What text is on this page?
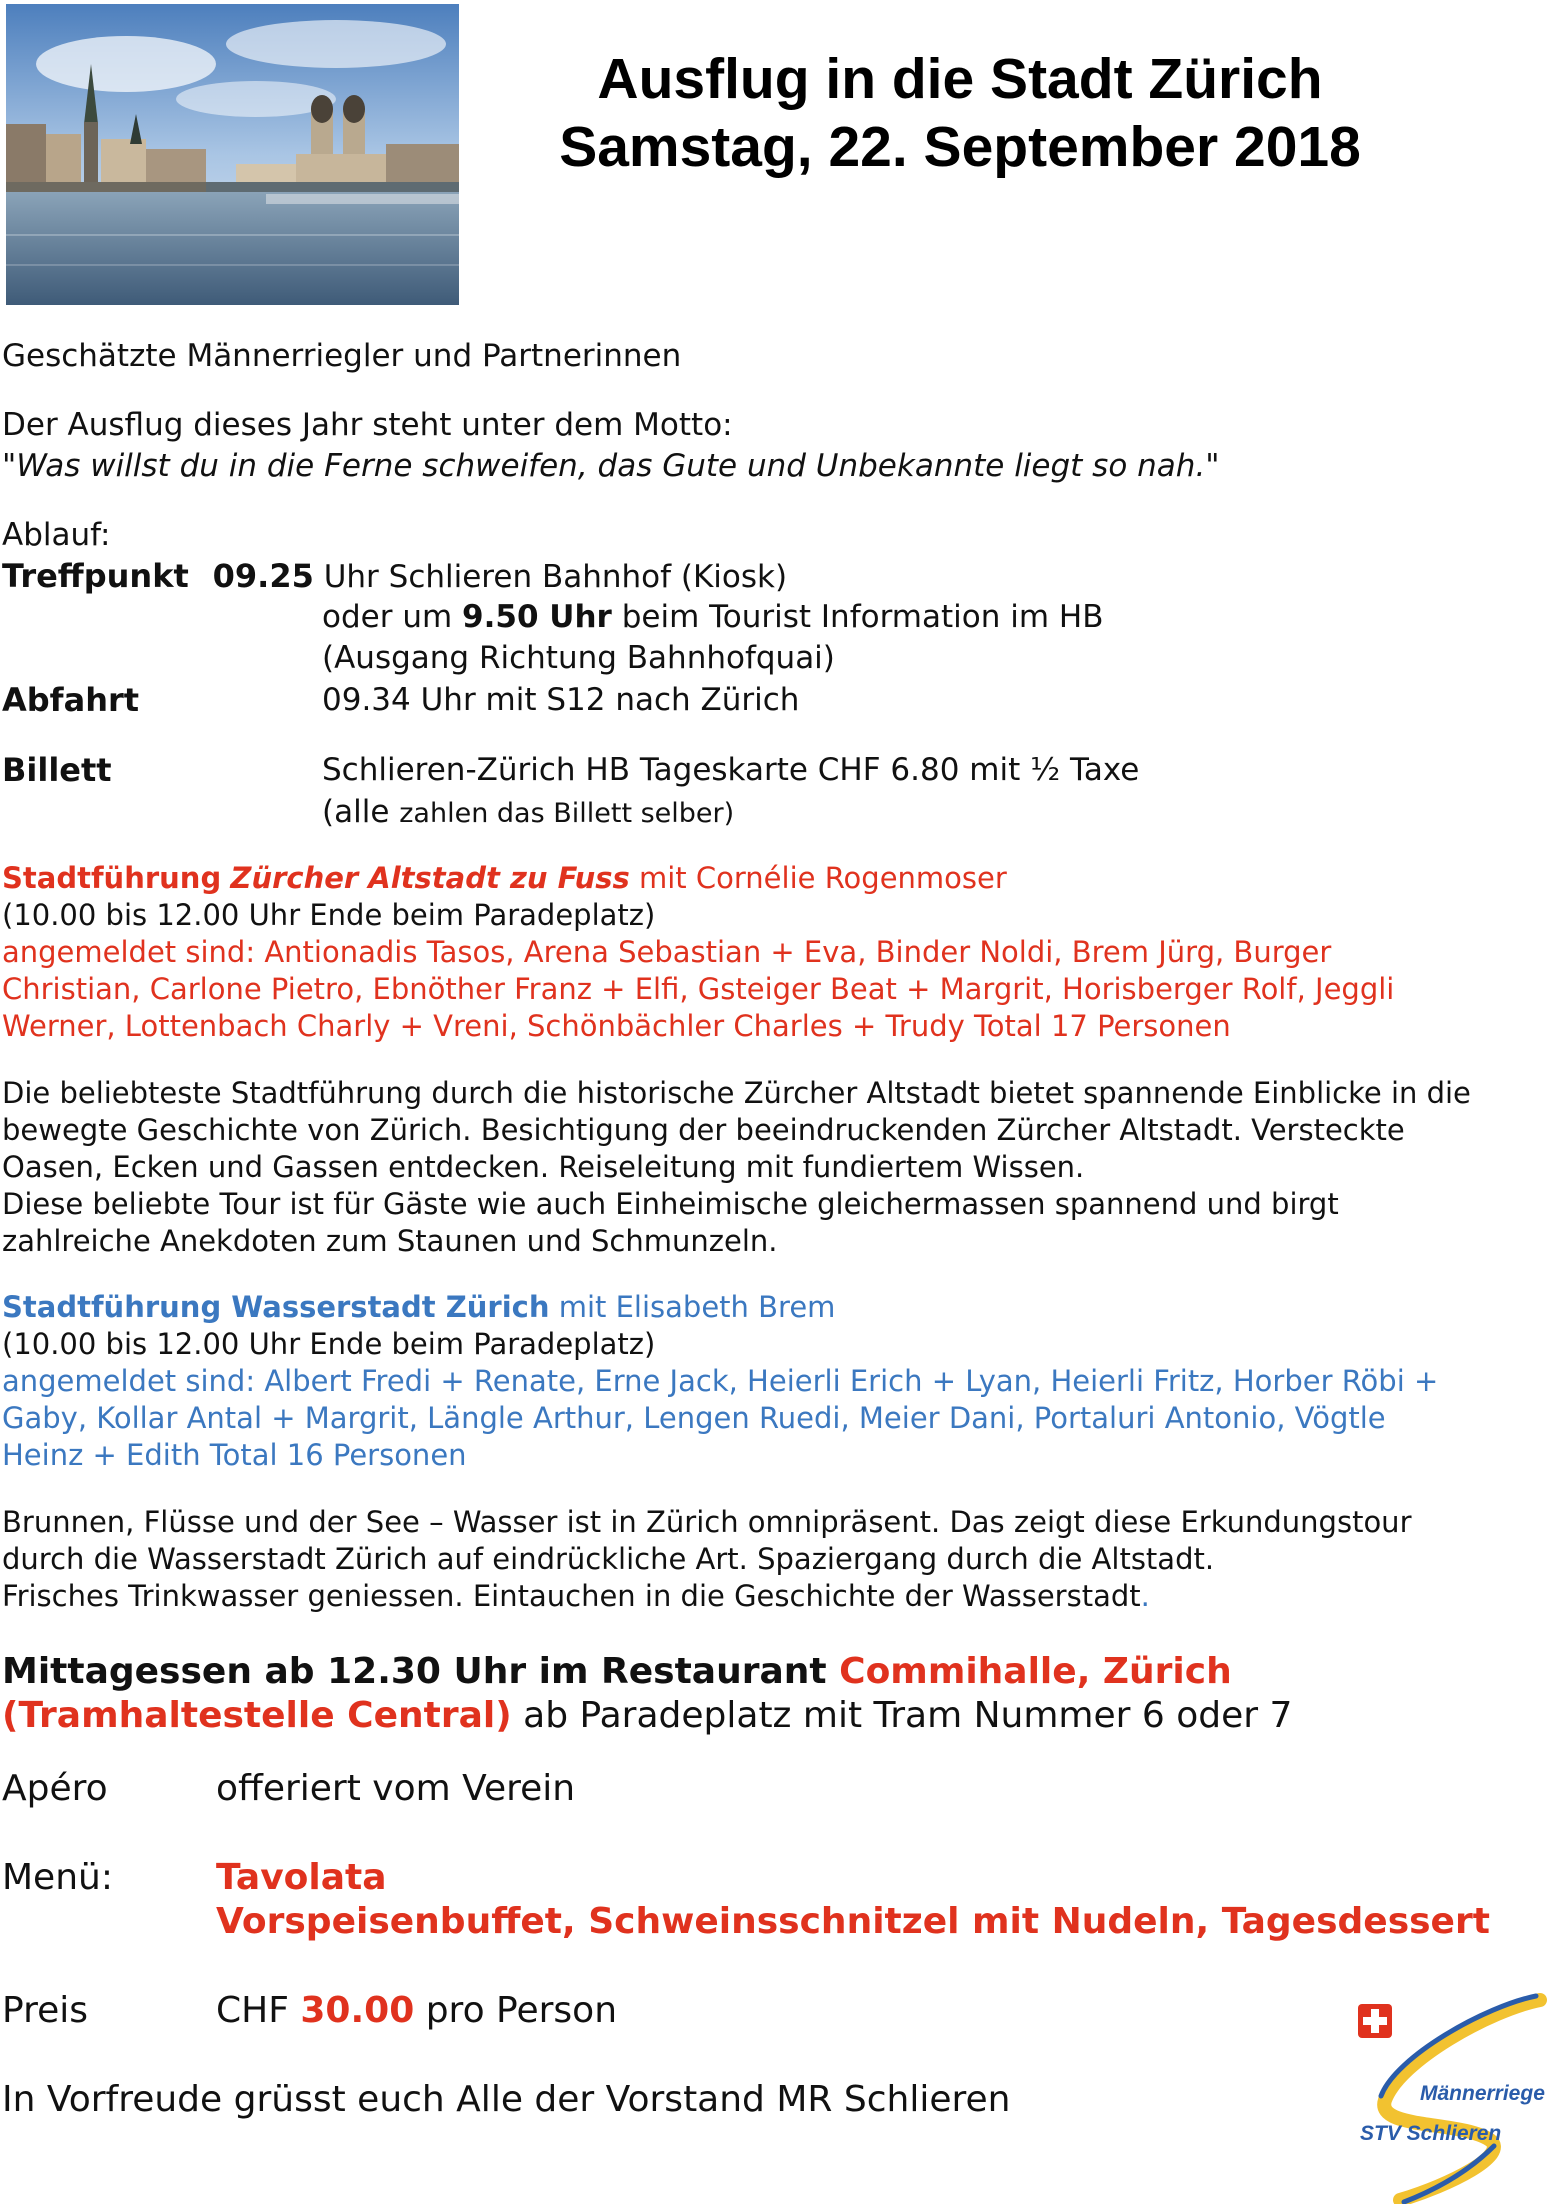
Ausflug in die Stadt Zürich
Samstag, 22. September 2018
Geschätzte Männerriegler und Partnerinnen
Der Ausflug dieses Jahr steht unter dem Motto:
"Was willst du in die Ferne schweifen, das Gute und Unbekannte liegt so nah."
Ablauf:
Treffpunkt 09.25 Uhr Schlieren Bahnhof (Kiosk)
oder um 9.50 Uhr beim Tourist Information im HB
(Ausgang Richtung Bahnhofquai)
Abfahrt	09.34 Uhr mit S12 nach Zürich
Billett	Schlieren-Zürich HB Tageskarte CHF 6.80 mit ½ Taxe
(alle zahlen das Billett selber)
Stadtführung Zürcher Altstadt zu Fuss mit Cornélie Rogenmoser
(10.00 bis 12.00 Uhr Ende beim Paradeplatz)
angemeldet sind: Antionadis Tasos, Arena Sebastian + Eva, Binder Noldi, Brem Jürg, Burger
Christian, Carlone Pietro, Ebnöther Franz + Elfi, Gsteiger Beat + Margrit, Horisberger Rolf, Jeggli
Werner, Lottenbach Charly + Vreni, Schönbächler Charles + Trudy Total 17 Personen
Die beliebteste Stadtführung durch die historische Zürcher Altstadt bietet spannende Einblicke in die
bewegte Geschichte von Zürich. Besichtigung der beeindruckenden Zürcher Altstadt. Versteckte
Oasen, Ecken und Gassen entdecken. Reiseleitung mit fundiertem Wissen.
Diese beliebte Tour ist für Gäste wie auch Einheimische gleichermassen spannend und birgt
zahlreiche Anekdoten zum Staunen und Schmunzeln.
Stadtführung Wasserstadt Zürich mit Elisabeth Brem
(10.00 bis 12.00 Uhr Ende beim Paradeplatz)
angemeldet sind: Albert Fredi + Renate, Erne Jack, Heierli Erich + Lyan, Heierli Fritz, Horber Röbi +
Gaby, Kollar Antal + Margrit, Längle Arthur, Lengen Ruedi, Meier Dani, Portaluri Antonio, Vögtle
Heinz + Edith Total 16 Personen
Brunnen, Flüsse und der See – Wasser ist in Zürich omnipräsent. Das zeigt diese Erkundungstour
durch die Wasserstadt Zürich auf eindrückliche Art. Spaziergang durch die Altstadt.
Frisches Trinkwasser geniessen. Eintauchen in die Geschichte der Wasserstadt.
Mittagessen ab 12.30 Uhr im Restaurant Commihalle, Zürich
(Tramhaltestelle Central) ab Paradeplatz mit Tram Nummer 6 oder 7
Apéro	offeriert vom Verein
Menü:	Tavolata
Vorspeisenbuffet, Schweinsschnitzel mit Nudeln, Tagesdessert
Preis	CHF 30.00 pro Person
In Vorfreude grüsst euch Alle der Vorstand MR Schlieren	Männerriege
STV Schlieren
